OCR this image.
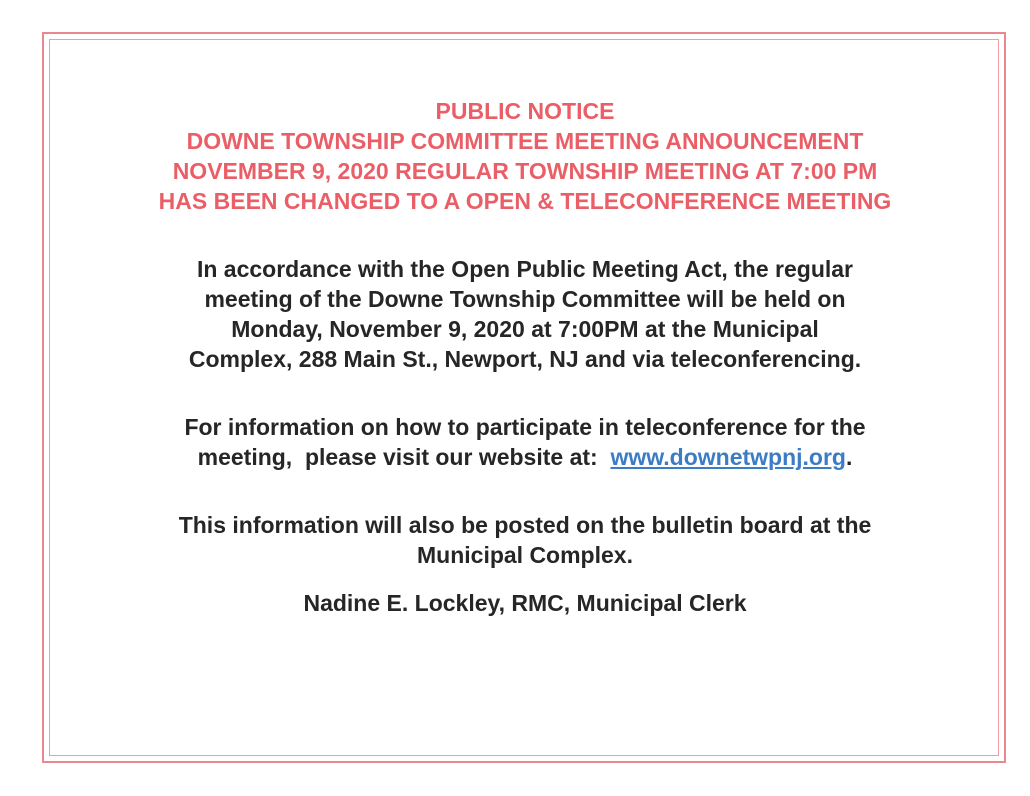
PUBLIC NOTICE
DOWNE TOWNSHIP COMMITTEE MEETING ANNOUNCEMENT
NOVEMBER 9, 2020 REGULAR TOWNSHIP MEETING AT 7:00 PM
HAS BEEN CHANGED TO A OPEN & TELECONFERENCE MEETING
In accordance with the Open Public Meeting Act, the regular
meeting of the Downe Township Committee will be held on
Monday, November 9, 2020 at 7:00PM at the Municipal
Complex, 288 Main St., Newport, NJ and via teleconferencing.
For information on how to participate in teleconference for the
meeting,  please visit our website at:  www.downetwpnj.org.
This information will also be posted on the bulletin board at the
Municipal Complex.
Nadine E. Lockley, RMC, Municipal Clerk
